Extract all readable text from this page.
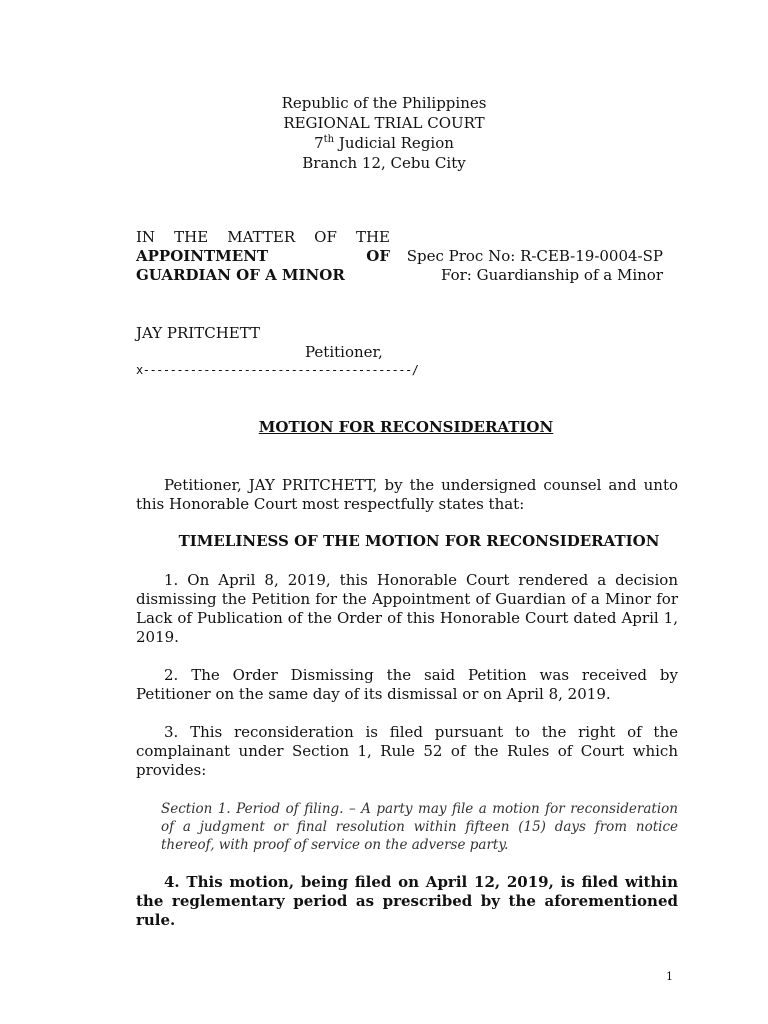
Republic of the Philippines
REGIONAL TRIAL COURT
7th Judicial Region
Branch 12, Cebu City
IN THE MATTER OF THE
APPOINTMENT OF
GUARDIAN OF A MINOR
Spec Proc No: R-CEB-19-0004-SP
For: Guardianship of a Minor
JAY PRITCHETT
Petitioner,
x----------------------------------------/
MOTION FOR RECONSIDERATION
Petitioner, JAY PRITCHETT, by the undersigned counsel and unto this Honorable Court most respectfully states that:
TIMELINESS OF THE MOTION FOR RECONSIDERATION
1. On April 8, 2019, this Honorable Court rendered a decision dismissing the Petition for the Appointment of Guardian of a Minor for Lack of Publication of the Order of this Honorable Court dated April 1, 2019.
2. The Order Dismissing the said Petition was received by Petitioner on the same day of its dismissal or on April 8, 2019.
3. This reconsideration is filed pursuant to the right of the complainant under Section 1, Rule 52 of the Rules of Court which provides:
Section 1. Period of filing. – A party may file a motion for reconsideration of a judgment or final resolution within fifteen (15) days from notice thereof, with proof of service on the adverse party.
4. This motion, being filed on April 12, 2019, is filed within the reglementary period as prescribed by the aforementioned rule.
1
